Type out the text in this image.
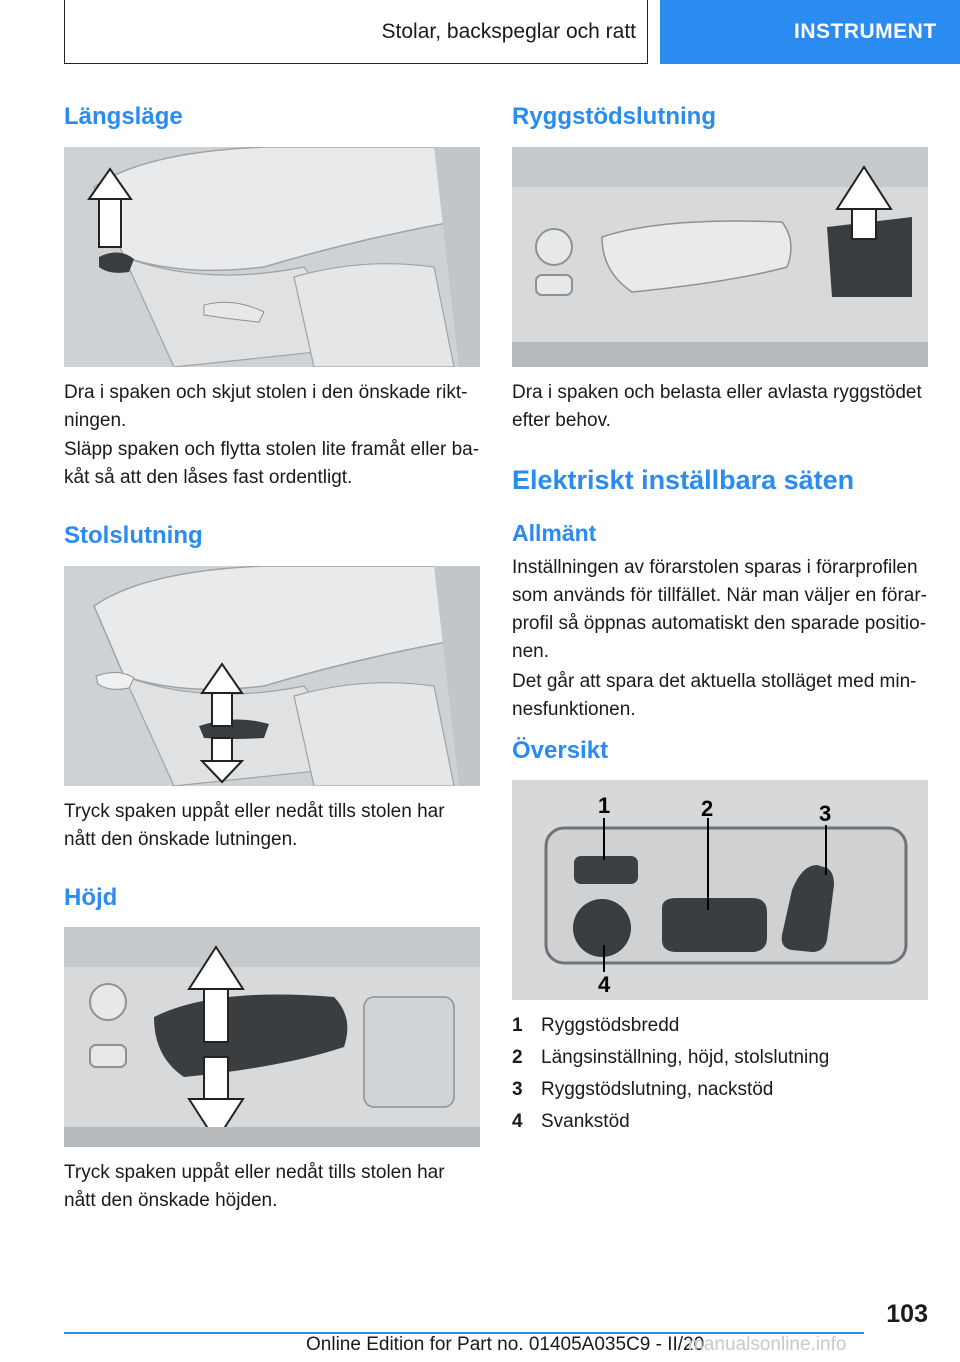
Stolar, backspeglar och ratt	INSTRUMENT
Längsläge

Dra i spaken och skjut stolen i den önskade rikt-
ningen.

Släpp spaken och flytta stolen lite framåt eller ba-
kåt så att den låses fast ordentligt.

Stolslutning

Tryck spaken uppåt eller nedåt tills stolen har
nått den önskade lutningen.

Höjd

Tryck spaken uppåt eller nedåt tills stolen har
nått den önskade höjden.

Ryggstödslutning

Dra i spaken och belasta eller avlasta ryggstödet
efter behov.

Elektriskt inställbara säten
Allmänt

Inställningen av förarstolen sparas i förarprofilen
som används för tillfället. När man väljer en förar-
profil så öppnas automatiskt den sparade positio-
nen.

Det går att spara det aktuella stolläget med min-
nesfunktionen.

Översikt
1	2	3
4
1 Ryggstödsbredd
2 Längsinställning, höjd, stolslutning
3 Ryggstödslutning, nackstöd
4 Svankstöd
103
Online Edition for Part no. 01405A035C9 - II/20
manualsonline.info
